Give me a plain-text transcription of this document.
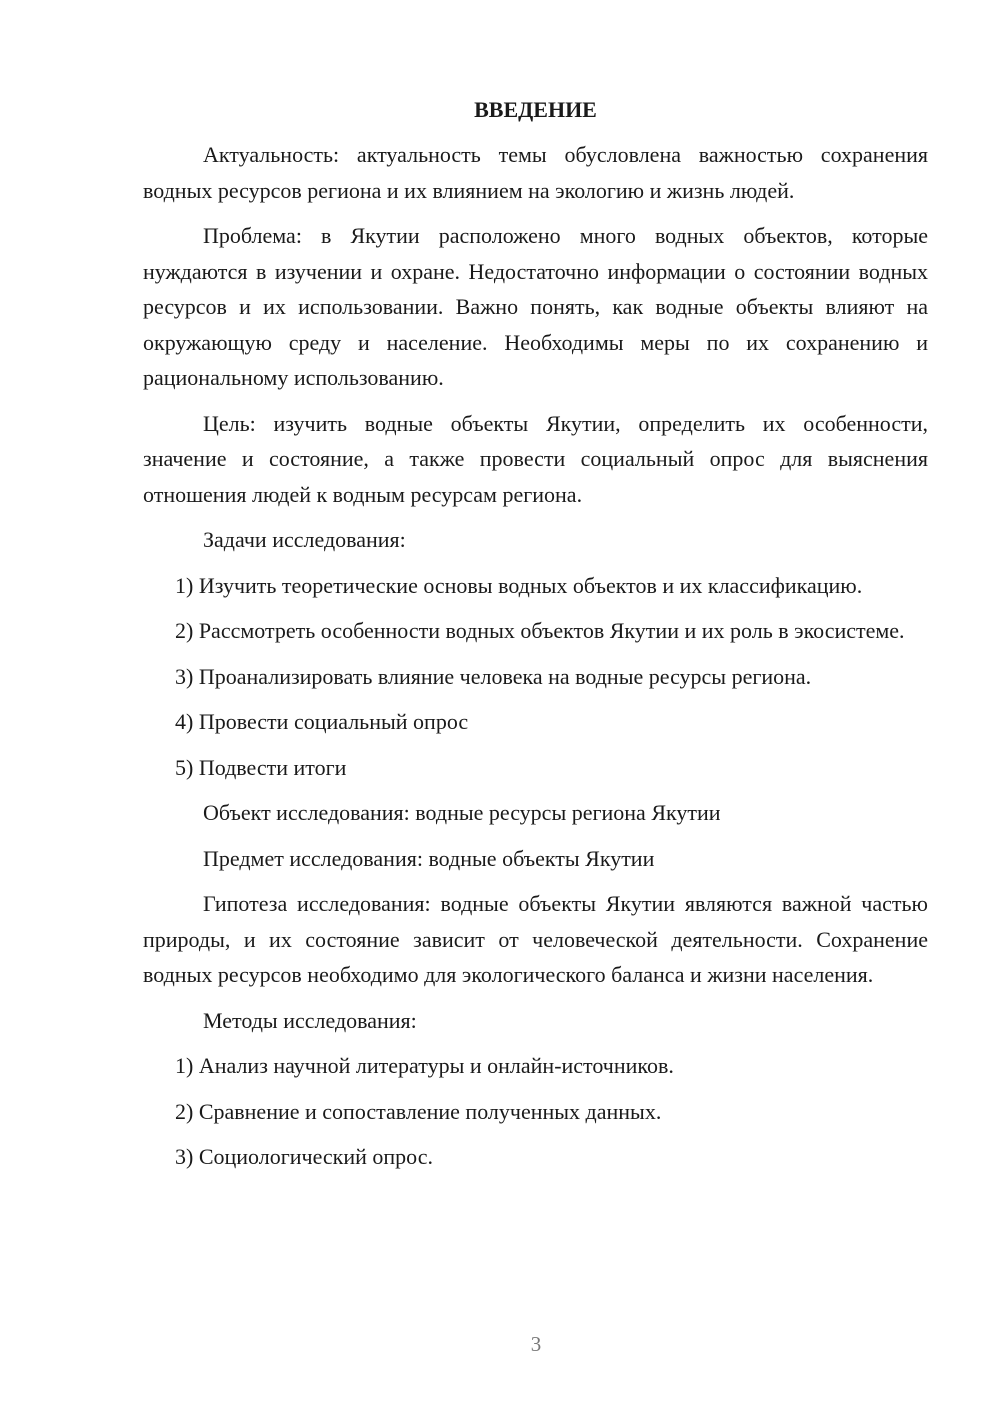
ВВЕДЕНИЕ

Актуальность: актуальность темы обусловлена важностью сохранения водных ресурсов региона и их влиянием на экологию и жизнь людей.

Проблема: в Якутии расположено много водных объектов, которые нуждаются в изучении и охране. Недостаточно информации о состоянии водных ресурсов и их использовании. Важно понять, как водные объекты влияют на окружающую среду и население. Необходимы меры по их сохранению и рациональному использованию.

Цель: изучить водные объекты Якутии, определить их особенности, значение и состояние, а также провести социальный опрос для выяснения отношения людей к водным ресурсам региона.

Задачи исследования:

1) Изучить теоретические основы водных объектов и их классификацию.

2) Рассмотреть особенности водных объектов Якутии и их роль в экосистеме.

3) Проанализировать влияние человека на водные ресурсы региона.

4) Провести социальный опрос

5) Подвести итоги

Объект исследования: водные ресурсы региона Якутии

Предмет исследования: водные объекты Якутии

Гипотеза исследования: водные объекты Якутии являются важной частью природы, и их состояние зависит от человеческой деятельности. Сохранение водных ресурсов необходимо для экологического баланса и жизни населения.

Методы исследования:

1) Анализ научной литературы и онлайн-источников.

2) Сравнение и сопоставление полученных данных.

3) Социологический опрос.

3
